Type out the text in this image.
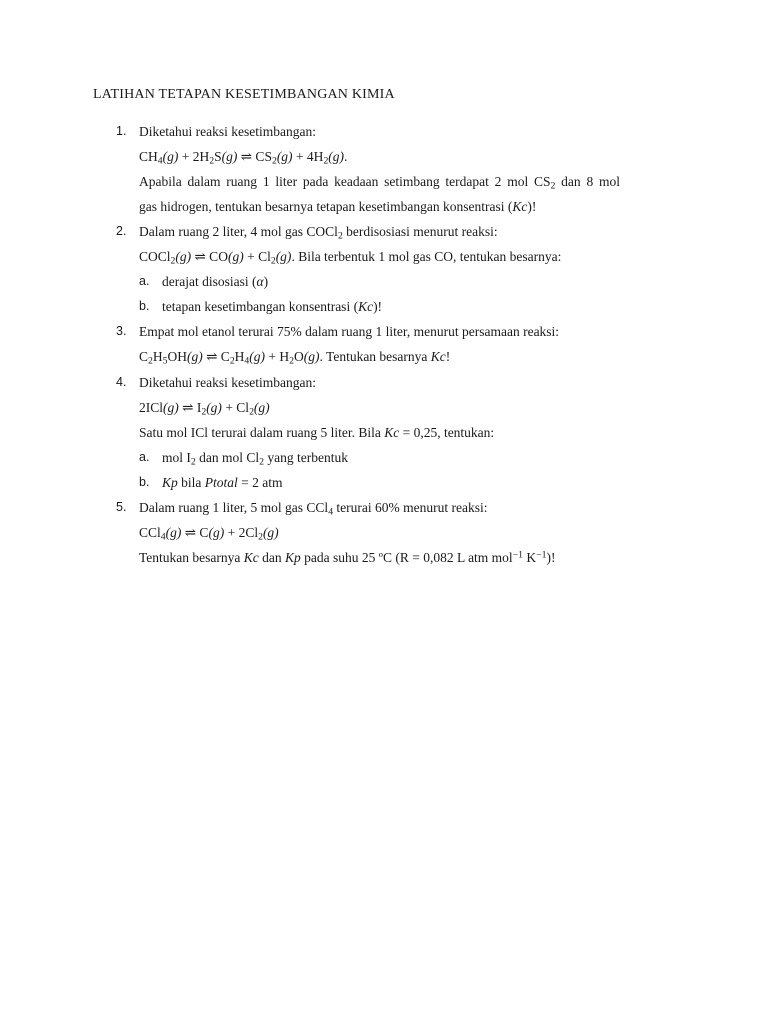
LATIHAN TETAPAN KESETIMBANGAN KIMIA
1. Diketahui reaksi kesetimbangan:
$CH_4(g) + 2H_2S(g)$ ⇌ $CS_2(g) + 4H_2(g)$.
Apabila dalam ruang 1 liter pada keadaan setimbang terdapat 2 mol $CS_2$ dan 8 mol
gas hidrogen, tentukan besarnya tetapan kesetimbangan konsentrasi (Kc)!
2. Dalam ruang 2 liter, 4 mol gas COCl$_2$ berdisosiasi menurut reaksi:
COCl$_2$(g) ⇌ $CO(g) + Cl_2(g)$. Bila terbentuk 1 mol gas CO, tentukan besarnya:
a. derajat disosiasi (α)
b. tetapan kesetimbangan konsentrasi (Kc)!
3. Empat mol etanol terurai 75% dalam ruang 1 liter, menurut persamaan reaksi:
$C_2H_5OH(g)$ ⇌ $C_2H_4(g) + H_2O(g)$. Tentukan besarnya Kc!
4. Diketahui reaksi kesetimbangan:
2ICl(g) ⇌ $I_2(g) + Cl_2(g)$
Satu mol ICl terurai dalam ruang 5 liter. Bila Kc = 0,25, tentukan:
a. mol $I_2$ dan mol $Cl_2$ yang terbentuk
b. Kp bila Ptotal = 2 atm
5. Dalam ruang 1 liter, 5 mol gas CCl$_4$ terurai 60% menurut reaksi:
CCl$_4$(g) ⇌ $C(g) + 2Cl_2(g)$
Tentukan besarnya Kc dan Kp pada suhu 25 ºC (R = 0,082 L atm mol$^{-1}$ $K^{-1}$)!
